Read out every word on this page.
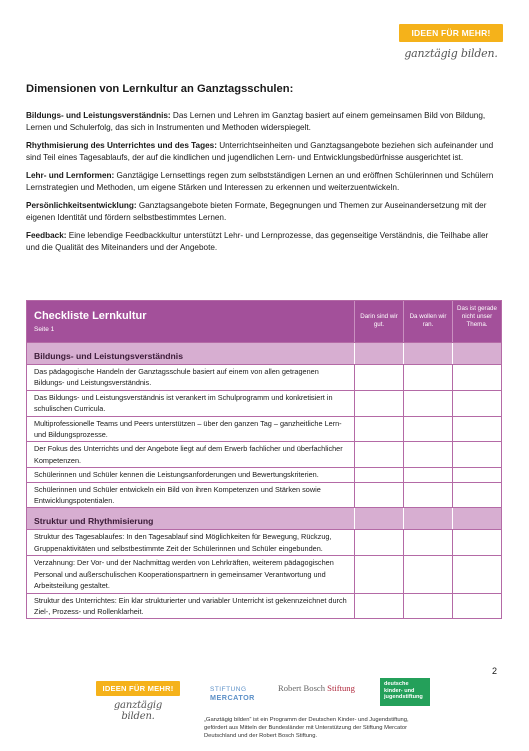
IDEEN FÜR MEHR!
ganztägig bilden.
Dimensionen von Lernkultur an Ganztagsschulen:

Bildungs- und Leistungsverständnis: Das Lernen und Lehren im Ganztag basiert auf einem gemeinsamen Bild von Bildung, Lernen und Schulerfolg, das sich in Instrumenten und Methoden widerspiegelt.

Rhythmisierung des Unterrichtes und des Tages: Unterrichtseinheiten und Ganztagsangebote beziehen sich aufeinander und sind Teil eines Tagesablaufs, der auf die kindlichen und jugendlichen Lern- und Entwicklungsbedürfnisse ausgerichtet ist.

Lehr- und Lernformen: Ganztägige Lernsettings regen zum selbstständigen Lernen an und eröffnen Schülerinnen und Schülern Lernstrategien und Methoden, um eigene Stärken und Interessen zu erkennen und weiterzuentwickeln.

Persönlichkeitsentwicklung: Ganztagsangebote bieten Formate, Begegnungen und Themen zur Auseinandersetzung mit der eigenen Identität und fördern selbstbestimmtes Lernen.

Feedback: Eine lebendige Feedbackkultur unterstützt Lehr- und Lernprozesse, das gegenseitige Verständnis, die Teilhabe aller und die Qualität des Miteinanders und der Angebote.

Checkliste Lernkultur
Seite 1
Darin sind wir gut.
Da wollen wir ran.
Das ist gerade nicht unser Thema.
Bildungs- und Leistungsverständnis
Das pädagogische Handeln der Ganztagsschule basiert auf einem von allen getragenen Bildungs- und Leistungsverständnis.
Das Bildungs- und Leistungsverständnis ist verankert im Schulprogramm und konkretisiert in schulischen Curricula.
Multiprofessionelle Teams und Peers unterstützen – über den ganzen Tag – ganzheitliche Lern- und Bildungsprozesse.
Der Fokus des Unterrichts und der Angebote liegt auf dem Erwerb fachlicher und überfachlicher Kompetenzen.
Schülerinnen und Schüler kennen die Leistungsanforderungen und Bewertungskriterien.
Schülerinnen und Schüler entwickeln ein Bild von ihren Kompetenzen und Stärken sowie Entwicklungspotentialen.
Struktur und Rhythmisierung
Struktur des Tagesablaufes: In den Tagesablauf sind Möglichkeiten für Bewegung, Rückzug, Gruppenaktivitäten und selbstbestimmte Zeit der Schülerinnen und Schüler eingebunden.
Verzahnung: Der Vor- und der Nachmittag werden von Lehrkräften, weiterem pädagogischen Personal und außerschulischen Kooperationspartnern in gemeinsamer Verantwortung und Arbeitsteilung gestaltet.
Struktur des Unterrichtes: Ein klar strukturierter und variabler Unterricht ist gekennzeichnet durch Ziel-, Prozess- und Rollenklarheit.
2
IDEEN FÜR MEHR!
ganztägig bilden.
STIFTUNG
MERCATOR
Robert Bosch Stiftung	deutsche kinder- und jugendstiftung
„Ganztägig bilden“ ist ein Programm der Deutschen Kinder- und Jugendstiftung,
gefördert aus Mitteln der Bundesländer mit Unterstützung der Stiftung Mercator
Deutschland und der Robert Bosch Stiftung.
